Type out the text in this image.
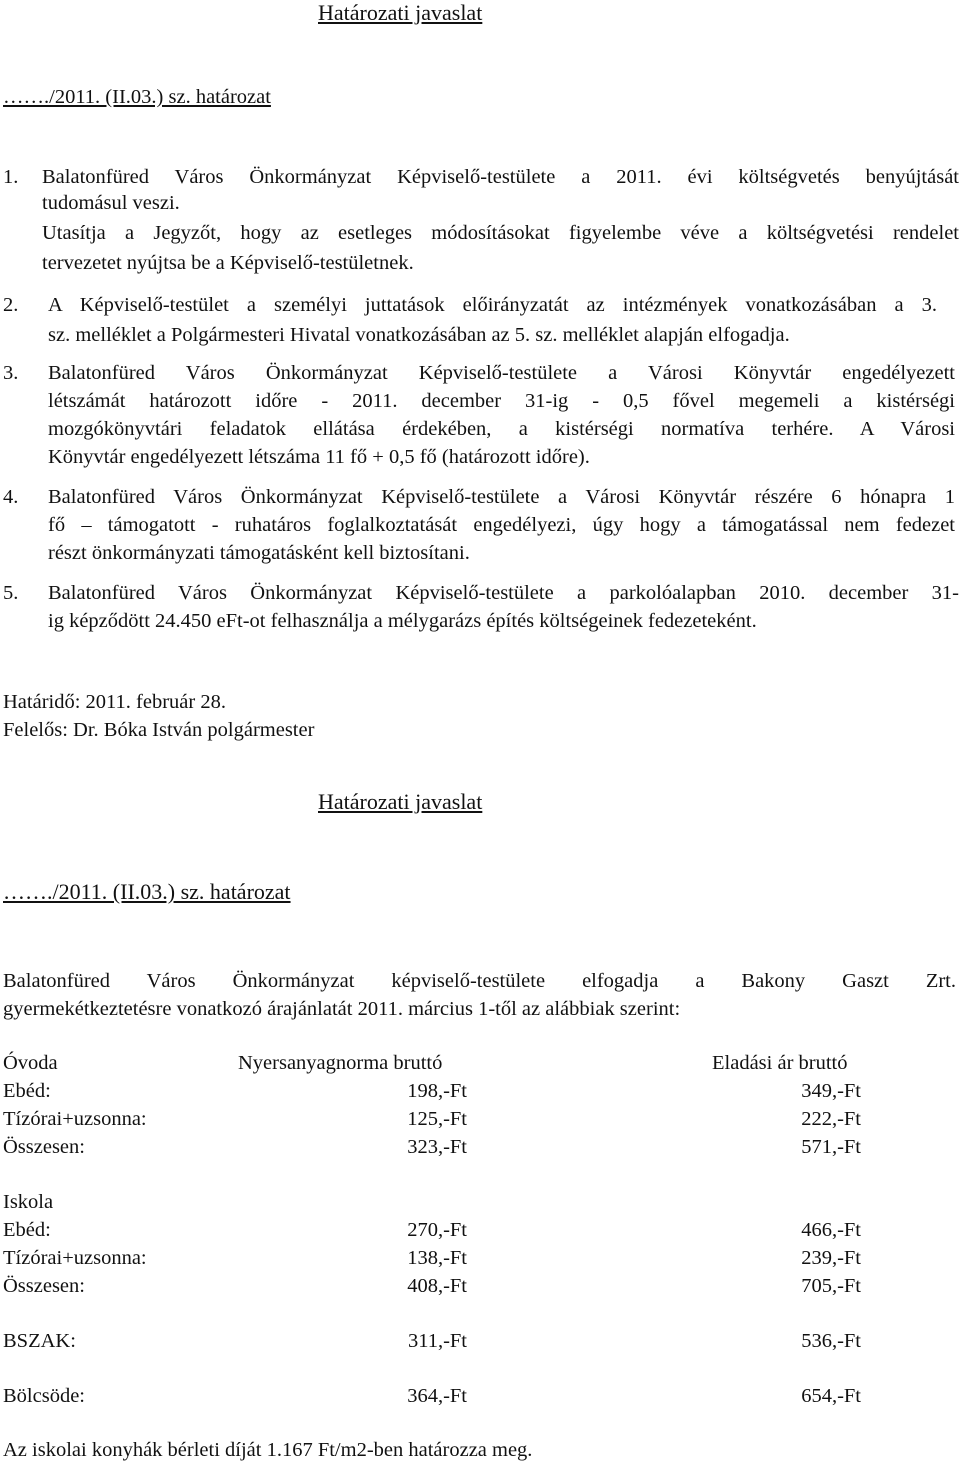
Határozati javaslat
……./2011. (II.03.) sz. határozat
1. Balatonfüred Város Önkormányzat Képviselő-testülete a 2011. évi költségvetés benyújtását
tudomásul veszi.
Utasítja a Jegyzőt, hogy az esetleges módosításokat figyelembe véve a költségvetési rendelet
tervezetet nyújtsa be a Képviselő-testületnek.
2. A Képviselő-testület a személyi juttatások előirányzatát az intézmények vonatkozásában a 3.
sz. melléklet a Polgármesteri Hivatal vonatkozásában az 5. sz. melléklet alapján elfogadja.
3. Balatonfüred Város Önkormányzat Képviselő-testülete a Városi Könyvtár engedélyezett
létszámát határozott időre - 2011. december 31-ig - 0,5 fővel megemeli a kistérségi
mozgókönyvtári feladatok ellátása érdekében, a kistérségi normatíva terhére. A Városi
Könyvtár engedélyezett létszáma 11 fő + 0,5 fő (határozott időre).
4. Balatonfüred Város Önkormányzat Képviselő-testülete a Városi Könyvtár részére 6 hónapra 1
fő – támogatott - ruhatáros foglalkoztatását engedélyezi, úgy hogy a támogatással nem fedezet
részt önkormányzati támogatásként kell biztosítani.
5. Balatonfüred Város Önkormányzat Képviselő-testülete a parkolóalapban 2010. december 31-
ig képződött 24.450 eFt-ot felhasználja a mélygarázs építés költségeinek fedezeteként.
Határidő: 2011. február 28.
Felelős: Dr. Bóka István polgármester
Határozati javaslat
……./2011. (II.03.) sz. határozat
Balatonfüred Város Önkormányzat képviselő-testülete elfogadja a Bakony Gaszt Zrt.
gyermekétkeztetésre vonatkozó árajánlatát 2011. március 1-től az alábbiak szerint:
Óvoda	Nyersanyagnorma bruttó	Eladási ár bruttó
Ebéd:	198,-Ft	349,-Ft
Tízórai+uzsonna:	125,-Ft	222,-Ft
Összesen:	323,-Ft	571,-Ft
Iskola
Ebéd:	270,-Ft	466,-Ft
Tízórai+uzsonna:	138,-Ft	239,-Ft
Összesen:	408,-Ft	705,-Ft
BSZAK:	311,-Ft	536,-Ft
Bölcsöde:	364,-Ft	654,-Ft
Az iskolai konyhák bérleti díját 1.167 Ft/m2-ben határozza meg.
